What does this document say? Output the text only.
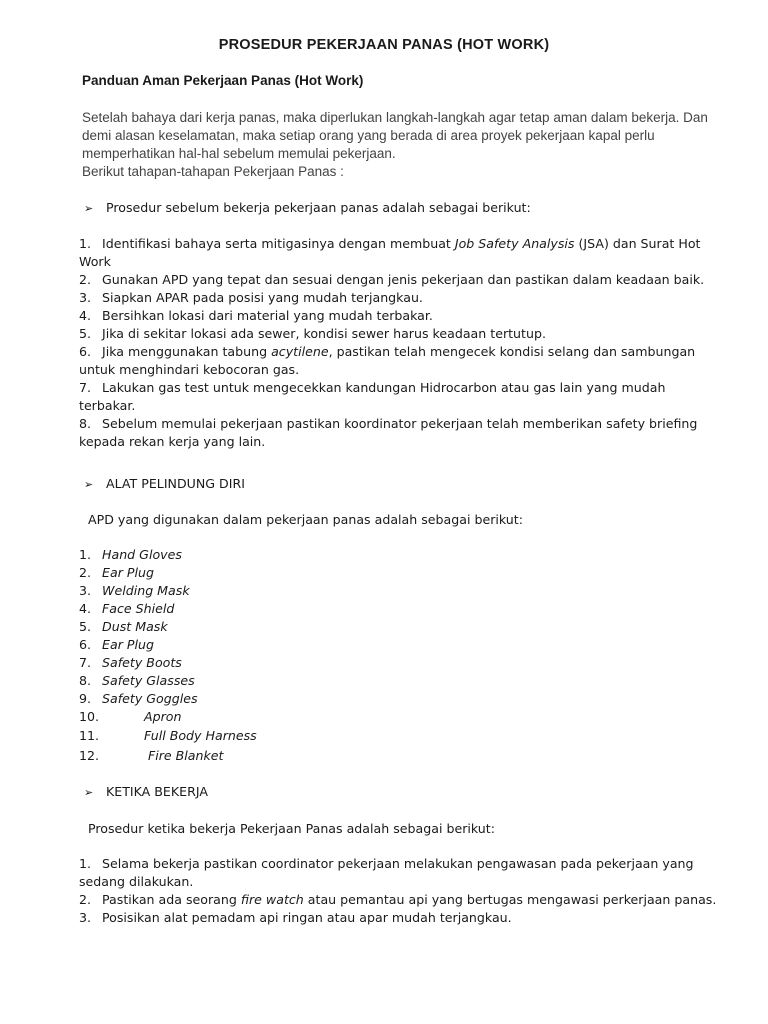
PROSEDUR PEKERJAAN PANAS (HOT WORK)
Panduan Aman Pekerjaan Panas (Hot Work)
Setelah bahaya dari kerja panas, maka diperlukan langkah-langkah agar tetap aman dalam bekerja. Dan
demi alasan keselamatan, maka setiap orang yang berada di area proyek pekerjaan kapal perlu
memperhatikan hal-hal sebelum memulai pekerjaan.
Berikut tahapan-tahapan Pekerjaan Panas :
➢ Prosedur sebelum bekerja pekerjaan panas adalah sebagai berikut:
1. Identifikasi bahaya serta mitigasinya dengan membuat Job Safety Analysis (JSA) dan Surat Hot
Work
2. Gunakan APD yang tepat dan sesuai dengan jenis pekerjaan dan pastikan dalam keadaan baik.
3. Siapkan APAR pada posisi yang mudah terjangkau.
4. Bersihkan lokasi dari material yang mudah terbakar.
5. Jika di sekitar lokasi ada sewer, kondisi sewer harus keadaan tertutup.
6. Jika menggunakan tabung acytilene, pastikan telah mengecek kondisi selang dan sambungan
untuk menghindari kebocoran gas.
7. Lakukan gas test untuk mengecekkan kandungan Hidrocarbon atau gas lain yang mudah
terbakar.
8. Sebelum memulai pekerjaan pastikan koordinator pekerjaan telah memberikan safety briefing
kepada rekan kerja yang lain.
➢ ALAT PELINDUNG DIRI
APD yang digunakan dalam pekerjaan panas adalah sebagai berikut:
1. Hand Gloves
2. Ear Plug
3. Welding Mask
4. Face Shield
5. Dust Mask
6. Ear Plug
7. Safety Boots
8. Safety Glasses
9. Safety Goggles
10.	Apron
11.	Full Body Harness
12.	Fire Blanket
➢ KETIKA BEKERJA
Prosedur ketika bekerja Pekerjaan Panas adalah sebagai berikut:
1. Selama bekerja pastikan coordinator pekerjaan melakukan pengawasan pada pekerjaan yang
sedang dilakukan.
2. Pastikan ada seorang fire watch atau pemantau api yang bertugas mengawasi perkerjaan panas.
3. Posisikan alat pemadam api ringan atau apar mudah terjangkau.
